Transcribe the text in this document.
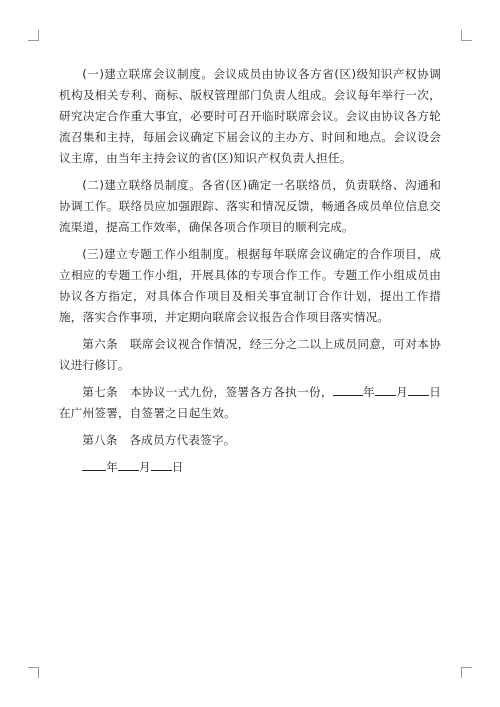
(一)建立联席会议制度。会议成员由协议各方省(区)级知识产权协调机构及相关专利、商标、版权管理部门负责人组成。会议每年举行一次，研究决定合作重大事宜，必要时可召开临时联席会议。会议由协议各方轮流召集和主持，每届会议确定下届会议的主办方、时间和地点。会议设会议主席，由当年主持会议的省(区)知识产权负责人担任。

(二)建立联络员制度。各省(区)确定一名联络员，负责联络、沟通和协调工作。联络员应加强跟踪、落实和情况反馈，畅通各成员单位信息交流渠道，提高工作效率，确保各项合作项目的顺利完成。

(三)建立专题工作小组制度。根据每年联席会议确定的合作项目，成立相应的专题工作小组，开展具体的专项合作工作。专题工作小组成员由协议各方指定，对具体合作项目及相关事宜制订合作计划，提出工作措施，落实合作事项，并定期向联席会议报告合作项目落实情况。

第六条　联席会议视合作情况，经三分之二以上成员同意，可对本协议进行修订。

第七条　本协议一式九份，签署各方各执一份，	年 月 日在广州签署，自签署之日起生效。

第八条　各成员方代表签字。

年 月 日
